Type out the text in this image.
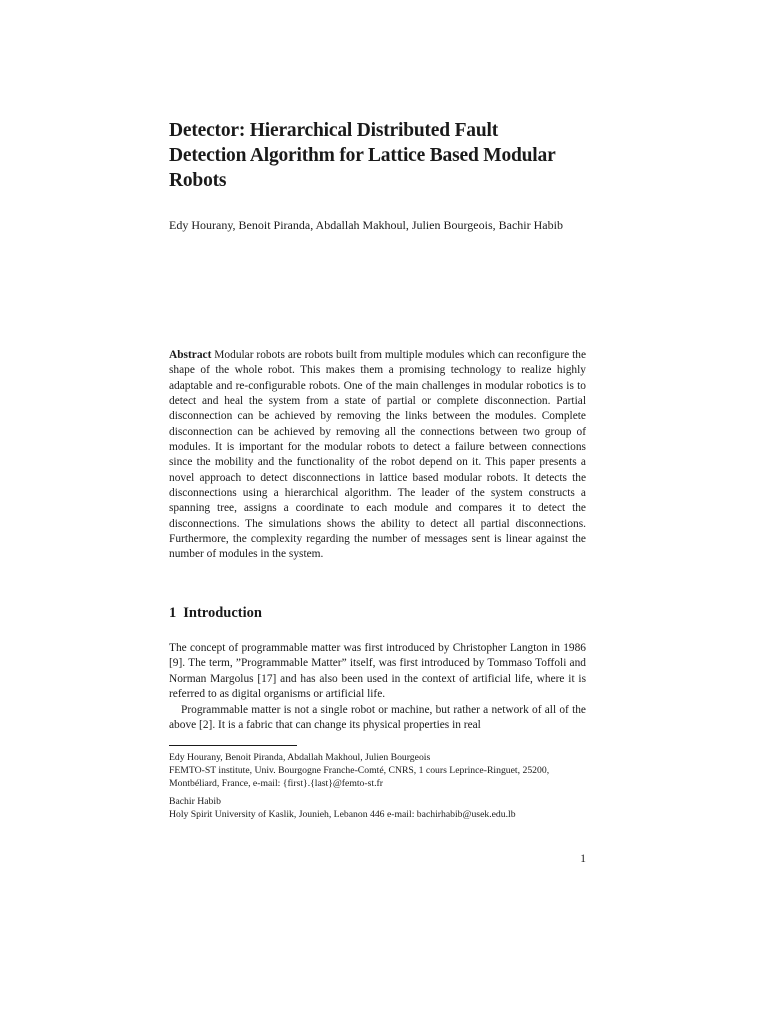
Detector: Hierarchical Distributed Fault
Detection Algorithm for Lattice Based Modular
Robots
Edy Hourany, Benoit Piranda, Abdallah Makhoul, Julien Bourgeois, Bachir Habib
Abstract Modular robots are robots built from multiple modules which can reconfigure the shape of the whole robot. This makes them a promising technology to realize highly adaptable and re-configurable robots. One of the main challenges in modular robotics is to detect and heal the system from a state of partial or complete disconnection. Partial disconnection can be achieved by removing the links between the modules. Complete disconnection can be achieved by removing all the connections between two group of modules. It is important for the modular robots to detect a failure between connections since the mobility and the functionality of the robot depend on it. This paper presents a novel approach to detect disconnections in lattice based modular robots. It detects the disconnections using a hierarchical algorithm. The leader of the system constructs a spanning tree, assigns a coordinate to each module and compares it to detect the disconnections. The simulations shows the ability to detect all partial disconnections. Furthermore, the complexity regarding the number of messages sent is linear against the number of modules in the system.
1 Introduction

The concept of programmable matter was first introduced by Christopher Langton in 1986 [9]. The term, ”Programmable Matter” itself, was first introduced by Tommaso Toffoli and Norman Margolus [17] and has also been used in the context of artificial life, where it is referred to as digital organisms or artificial life.

Programmable matter is not a single robot or machine, but rather a network of all of the above [2]. It is a fabric that can change its physical properties in real

Edy Hourany, Benoit Piranda, Abdallah Makhoul, Julien Bourgeois
FEMTO-ST institute, Univ. Bourgogne Franche-Comté, CNRS, 1 cours Leprince-Ringuet, 25200,
Montbéliard, France, e-mail: {first}.{last}@femto-st.fr
Bachir Habib
Holy Spirit University of Kaslik, Jounieh, Lebanon 446 e-mail: bachirhabib@usek.edu.lb
1
